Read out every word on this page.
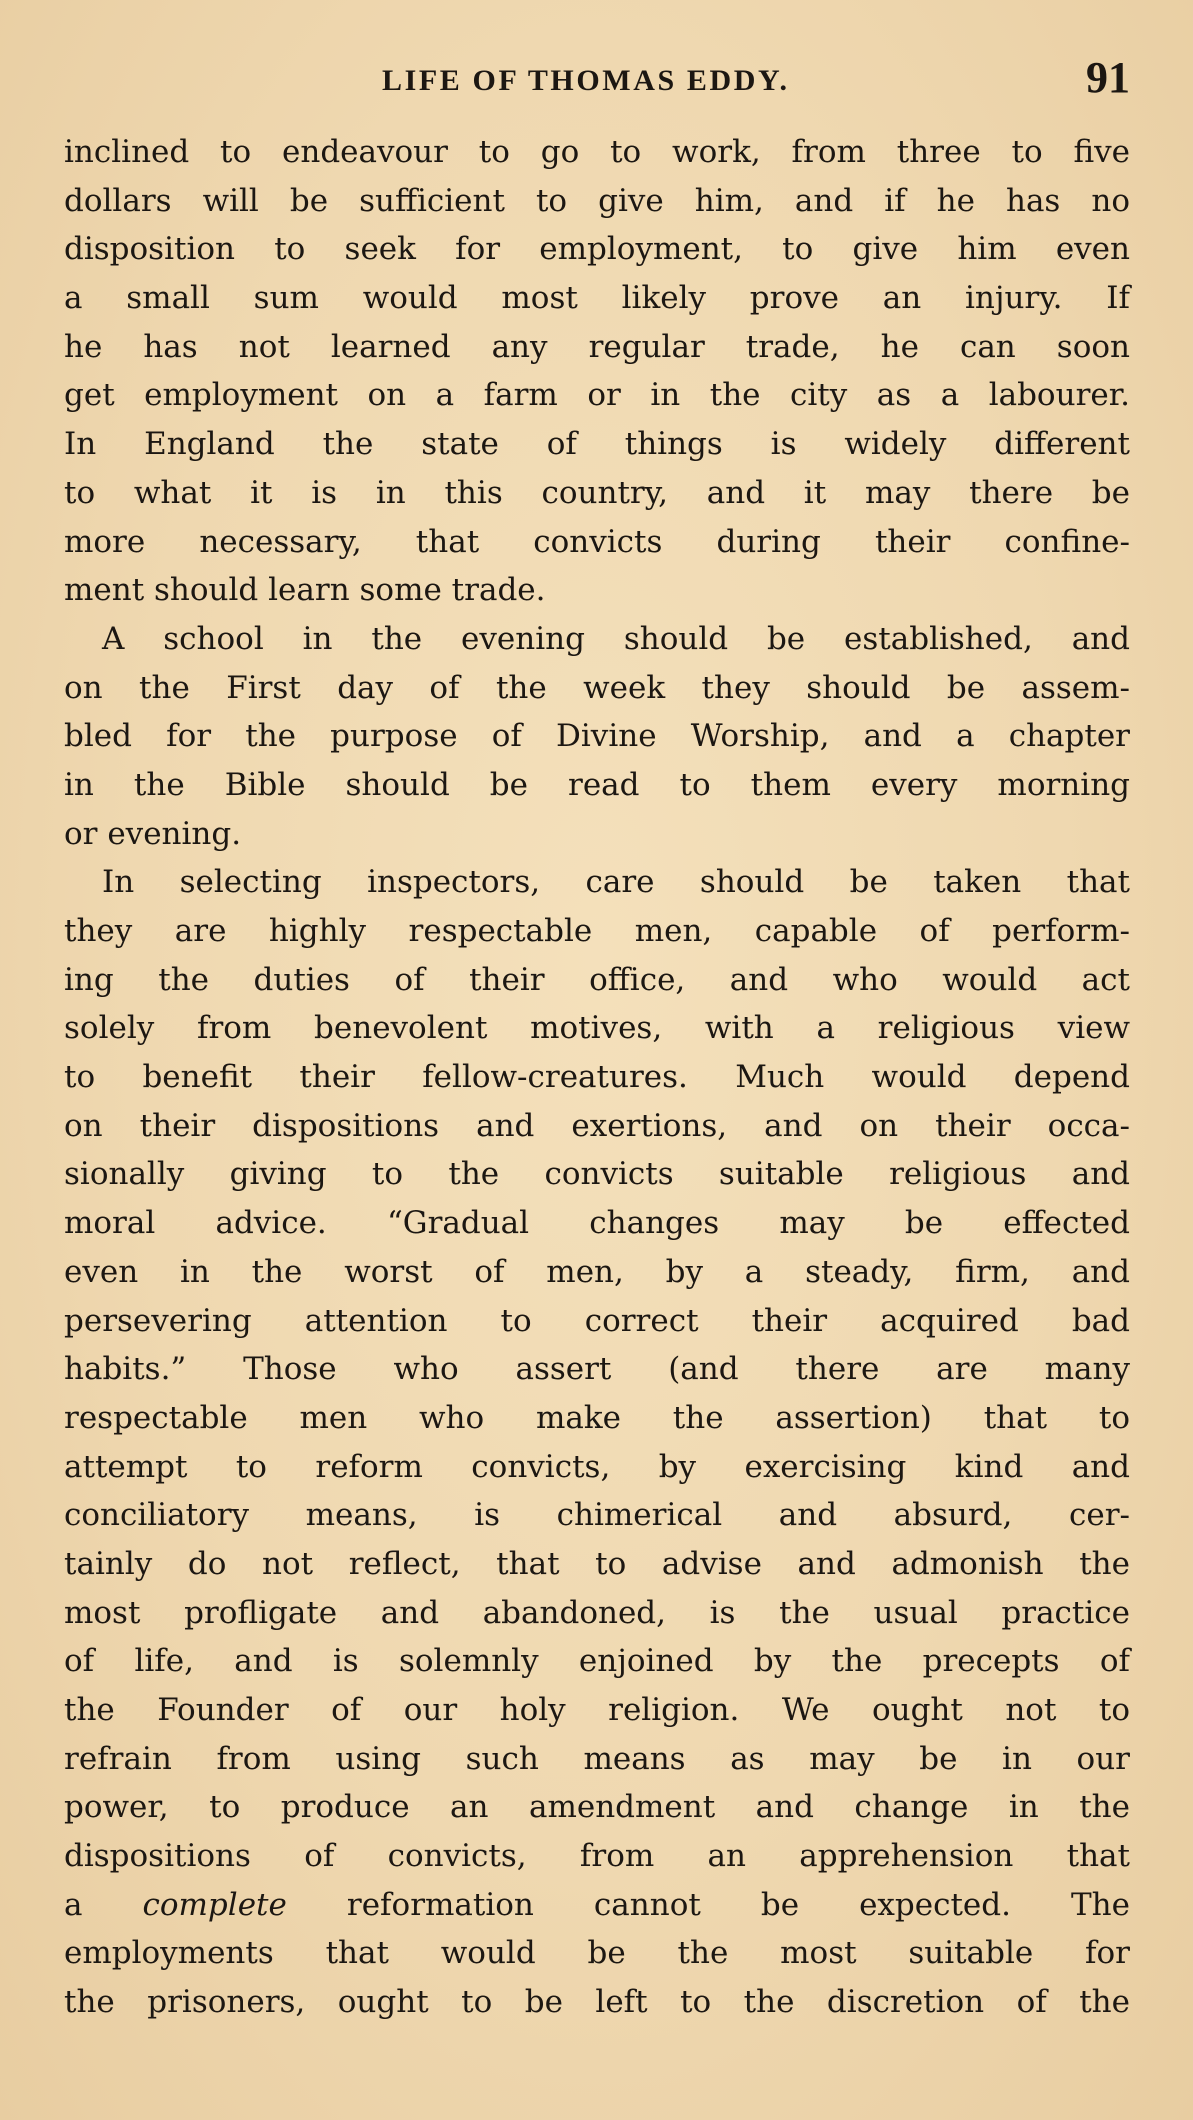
LIFE OF THOMAS EDDY.	91
inclined to endeavour to go to work, from three to five
dollars will be sufficient to give him, and if he has no
disposition to seek for employment, to give him even
a small sum would most likely prove an injury. If
he has not learned any regular trade, he can soon
get employment on a farm or in the city as a labourer.
In England the state of things is widely different
to what it is in this country, and it may there be
more necessary, that convicts during their confine-
ment should learn some trade.
A school in the evening should be established, and
on the First day of the week they should be assem-
bled for the purpose of Divine Worship, and a chapter
in the Bible should be read to them every morning
or evening.
In selecting inspectors, care should be taken that
they are highly respectable men, capable of perform-
ing the duties of their office, and who would act
solely from benevolent motives, with a religious view
to benefit their fellow-creatures. Much would depend
on their dispositions and exertions, and on their occa-
sionally giving to the convicts suitable religious and
moral advice. “Gradual changes may be effected
even in the worst of men, by a steady, firm, and
persevering attention to correct their acquired bad
habits.” Those who assert (and there are many
respectable men who make the assertion) that to
attempt to reform convicts, by exercising kind and
conciliatory means, is chimerical and absurd, cer-
tainly do not reflect, that to advise and admonish the
most profligate and abandoned, is the usual practice
of life, and is solemnly enjoined by the precepts of
the Founder of our holy religion. We ought not to
refrain from using such means as may be in our
power, to produce an amendment and change in the
dispositions of convicts, from an apprehension that
a complete reformation cannot be expected. The
employments that would be the most suitable for
the prisoners, ought to be left to the discretion of the
